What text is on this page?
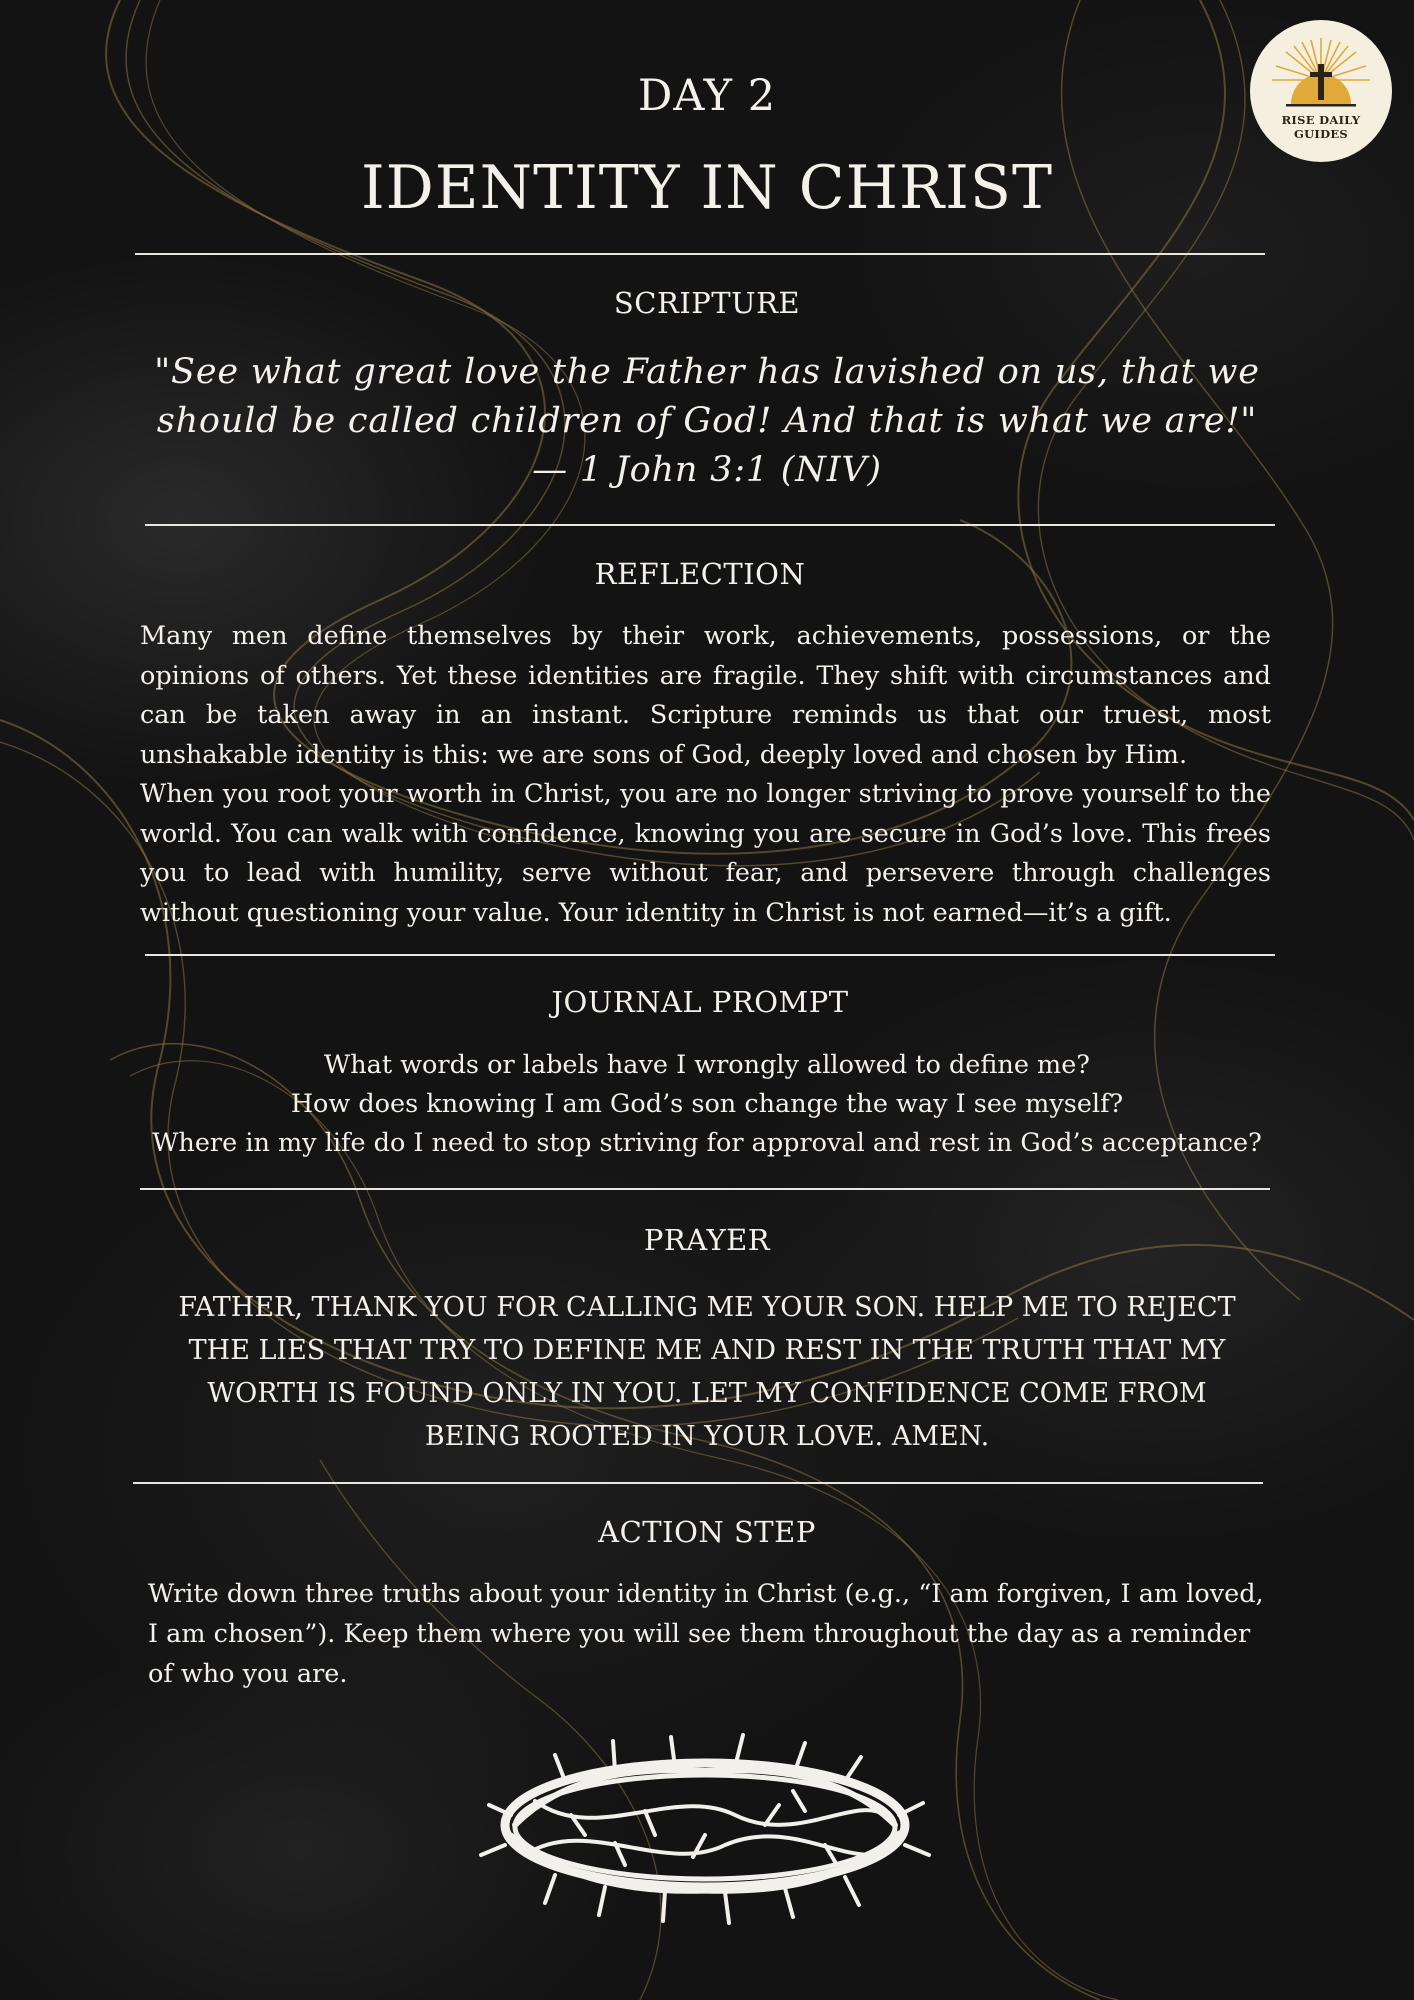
RISE DAILY
GUIDES
DAY 2
IDENTITY IN CHRIST
SCRIPTURE
"See what great love the Father has lavished on us, that we
should be called children of God! And that is what we are!"
— 1 John 3:1 (NIV)
REFLECTION

Many men define themselves by their work, achievements, possessions, or the opinions of others. Yet these identities are fragile. They shift with circumstances and can be taken away in an instant. Scripture reminds us that our truest, most unshakable identity is this: we are sons of God, deeply loved and chosen by Him.

When you root your worth in Christ, you are no longer striving to prove yourself to the world. You can walk with confidence, knowing you are secure in God’s love. This frees you to lead with humility, serve without fear, and persevere through challenges without questioning your value. Your identity in Christ is not earned—it’s a gift.

JOURNAL PROMPT
What words or labels have I wrongly allowed to define me?
How does knowing I am God’s son change the way I see myself?
Where in my life do I need to stop striving for approval and rest in God’s acceptance?
PRAYER
FATHER, THANK YOU FOR CALLING ME YOUR SON. HELP ME TO REJECT
THE LIES THAT TRY TO DEFINE ME AND REST IN THE TRUTH THAT MY
WORTH IS FOUND ONLY IN YOU. LET MY CONFIDENCE COME FROM
BEING ROOTED IN YOUR LOVE. AMEN.
ACTION STEP
Write down three truths about your identity in Christ (e.g., “I am forgiven, I am loved, I am chosen”). Keep them where you will see them throughout the day as a reminder of who you are.
